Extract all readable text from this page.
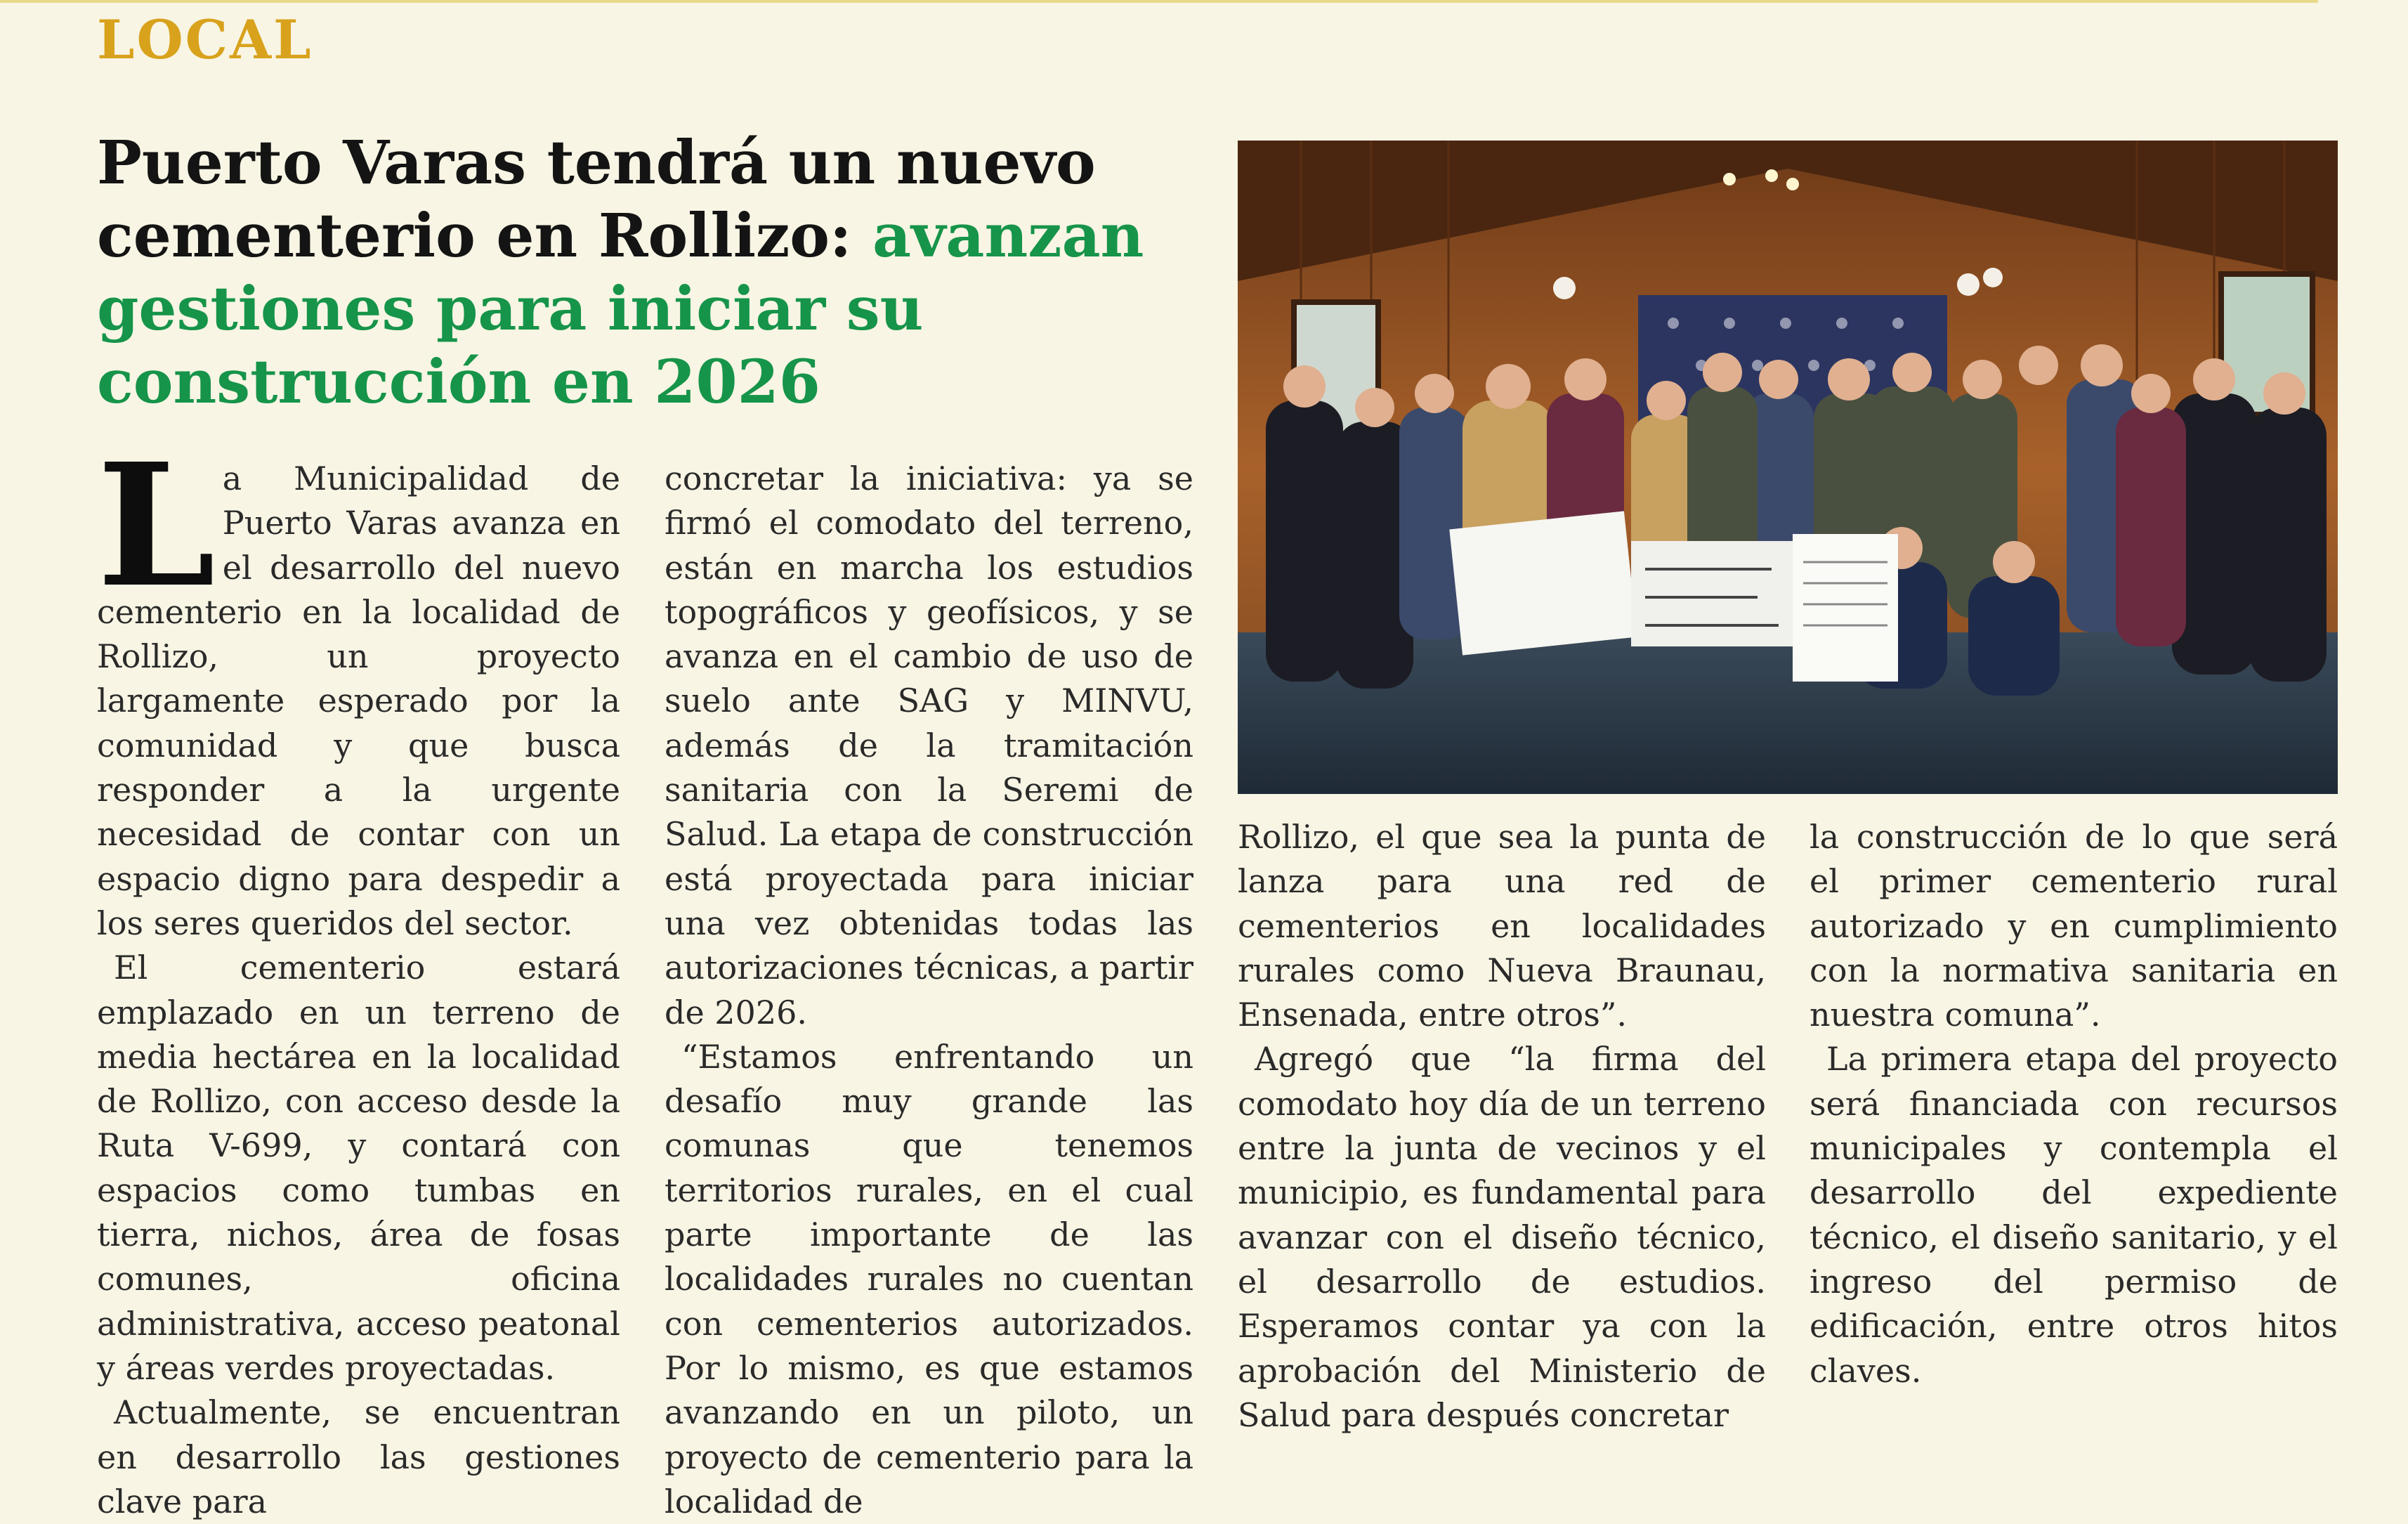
LOCAL
Puerto Varas tendrá un nuevo cementerio en Rollizo: avanzan gestiones para iniciar su construcción en 2026

La Municipalidad de Puerto Varas avanza en el desarrollo del nuevo cementerio en la localidad de Rollizo, un proyecto largamente esperado por la comunidad y que busca responder a la urgente necesidad de contar con un espacio digno para despedir a los seres queridos del sector.

El cementerio estará emplazado en un terreno de media hectárea en la localidad de Rollizo, con acceso desde la Ruta V-699, y contará con espacios como tumbas en tierra, nichos, área de fosas comunes, oficina administrativa, acceso peatonal y áreas verdes proyectadas.

Actualmente, se encuentran en desarrollo las gestiones clave para

concretar la iniciativa: ya se firmó el comodato del terreno, están en marcha los estudios topográficos y geofísicos, y se avanza en el cambio de uso de suelo ante SAG y MINVU, además de la tramitación sanitaria con la Seremi de Salud. La etapa de construcción está proyectada para iniciar una vez obtenidas todas las autorizaciones técnicas, a partir de 2026.

“Estamos enfrentando un desafío muy grande las comunas que tenemos territorios rurales, en el cual parte importante de las localidades rurales no cuentan con cementerios autorizados. Por lo mismo, es que estamos avanzando en un piloto, un proyecto de cementerio para la localidad de

Rollizo, el que sea la punta de lanza para una red de cementerios en localidades rurales como Nueva Braunau, Ensenada, entre otros”.

Agregó que “la firma del comodato hoy día de un terreno entre la junta de vecinos y el municipio, es fundamental para avanzar con el diseño técnico, el desarrollo de estudios. Esperamos contar ya con la aprobación del Ministerio de Salud para después concretar

la construcción de lo que será el primer cementerio rural autorizado y en cumplimiento con la normativa sanitaria en nuestra comuna”.

La primera etapa del proyecto será financiada con recursos municipales y contempla el desarrollo del expediente técnico, el diseño sanitario, y el ingreso del permiso de edificación, entre otros hitos claves.
